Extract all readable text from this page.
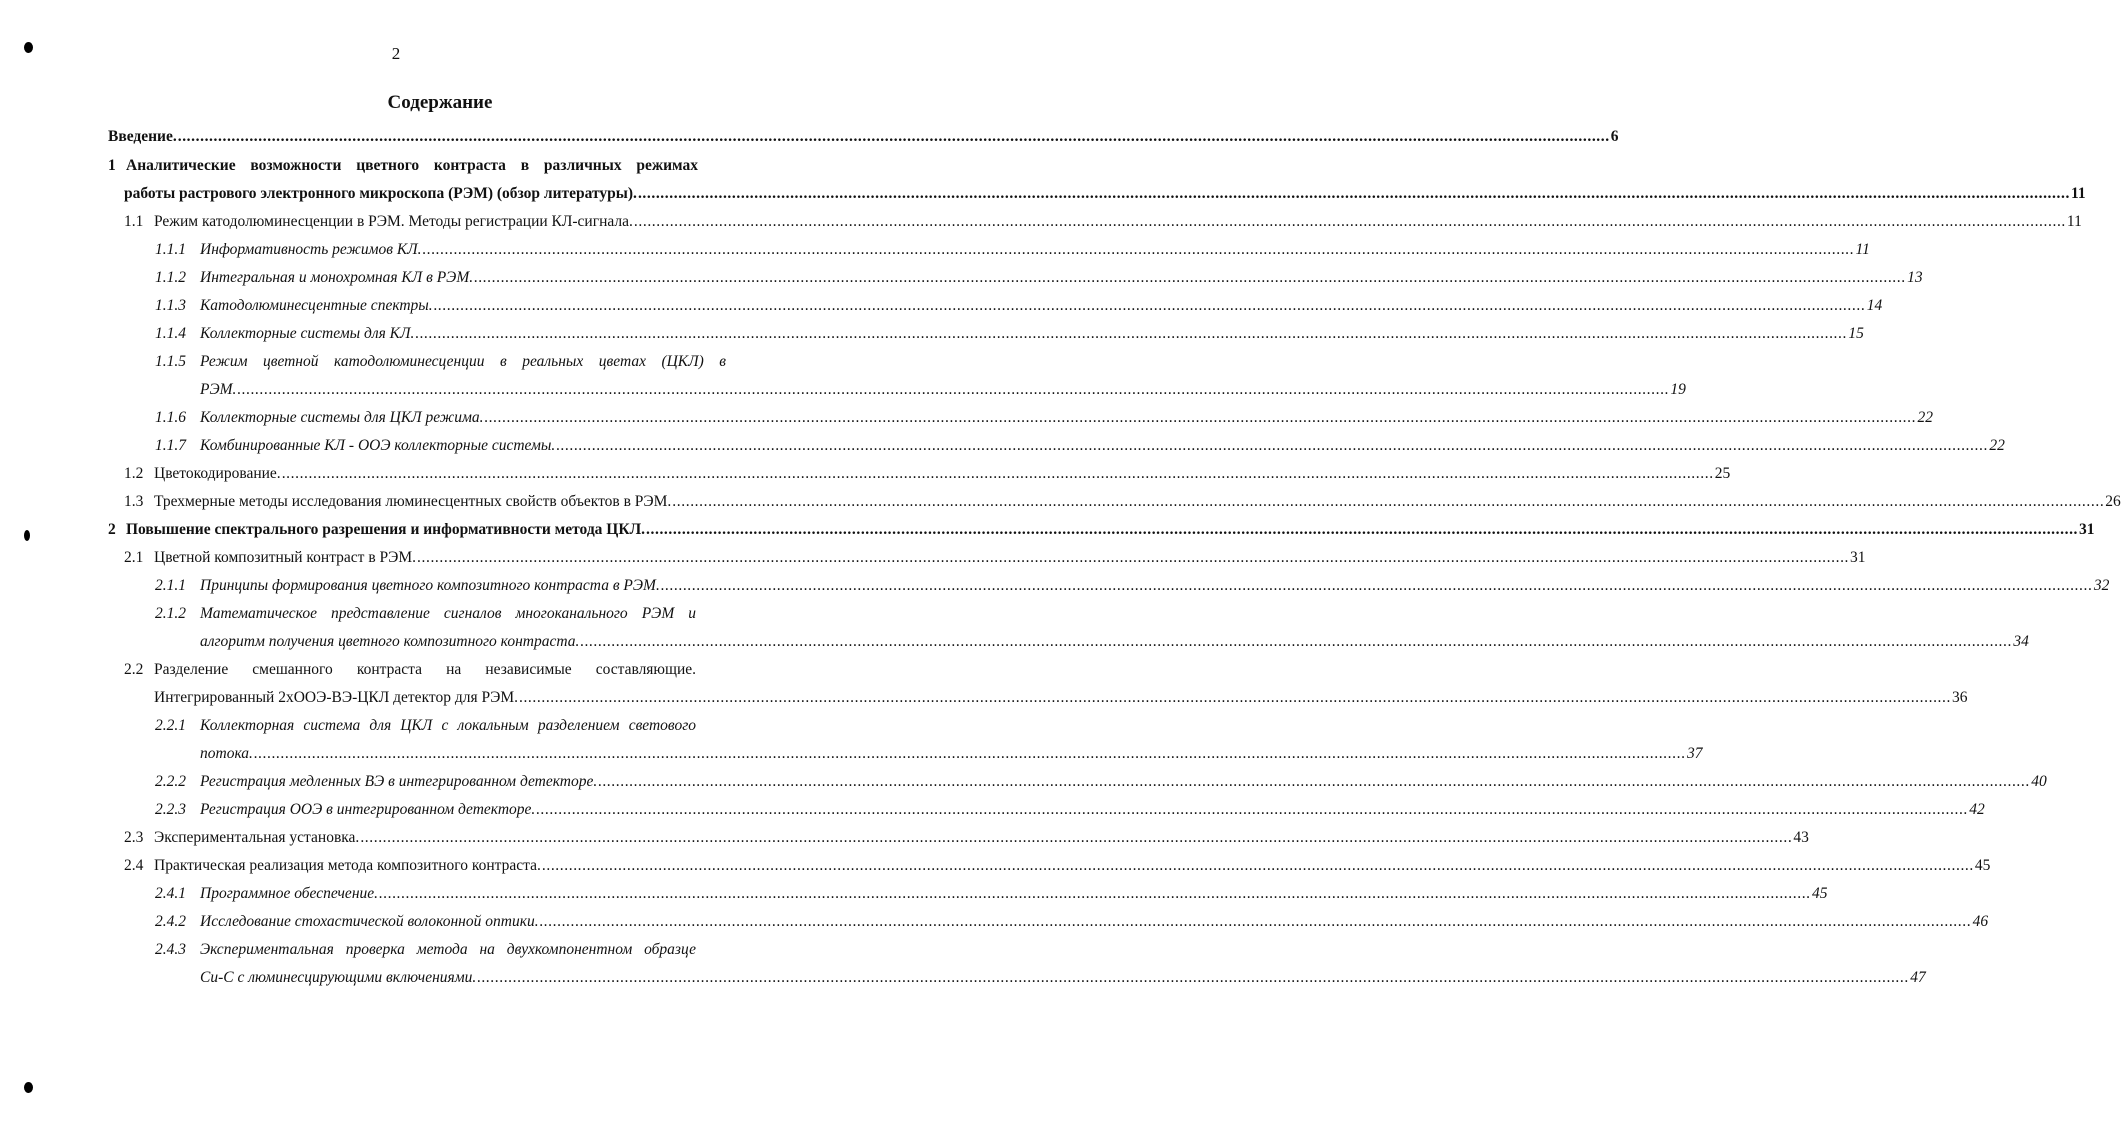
2
Содержание
Введение. .....	6
1 Аналитические возможности цветного контраста в различных режимах
работы растрового электронного микроскопа (РЭМ) (обзор литературы). .....	11
1.1 Режим катодолюминесценции в РЭМ. Методы регистрации КЛ-сигнала. .....	11
1.1.1 Информативность режимов КЛ. .....	11
1.1.2 Интегральная и монохромная КЛ в РЭМ. .....	13
1.1.3 Катодолюминесцентные спектры. .....	14
1.1.4 Коллекторные системы для КЛ. .....	15
1.1.5 Режим цветной катодолюминесценции в реальных цветах (ЦКЛ) в
РЭМ. .....	19
1.1.6 Коллекторные системы для ЦКЛ режима. .....	22
1.1.7 Комбинированные КЛ - ООЭ коллекторные системы. .....	22
1.2 Цветокодирование. .....	25
1.3 Трехмерные методы исследования люминесцентных свойств объектов в РЭМ. .....	26
2 Повышение спектрального разрешения и информативности метода ЦКЛ. .....	31
2.1 Цветной композитный контраст в РЭМ. .....	31
2.1.1 Принципы формирования цветного композитного контраста в РЭМ. .....	32
2.1.2 Математическое представление сигналов многоканального РЭМ и
алгоритм получения цветного композитного контраста. .....	34
2.2 Разделение смешанного контраста на независимые составляющие.
Интегрированный 2хООЭ-ВЭ-ЦКЛ детектор для РЭМ. .....	36
2.2.1 Коллекторная система для ЦКЛ с локальным разделением светового
потока. .....	37
2.2.2 Регистрация медленных ВЭ в интегрированном детекторе. .....	40
2.2.3 Регистрация ООЭ в интегрированном детекторе. .....	42
2.3 Экспериментальная установка. .....	43
2.4 Практическая реализация метода композитного контраста. .....	45
2.4.1 Программное обеспечение. .....	45
2.4.2 Исследование стохастической волоконной оптики. .....	46
2.4.3 Экспериментальная проверка метода на двухкомпонентном образце
Cu-C с люминесцирующими включениями. .....	47
